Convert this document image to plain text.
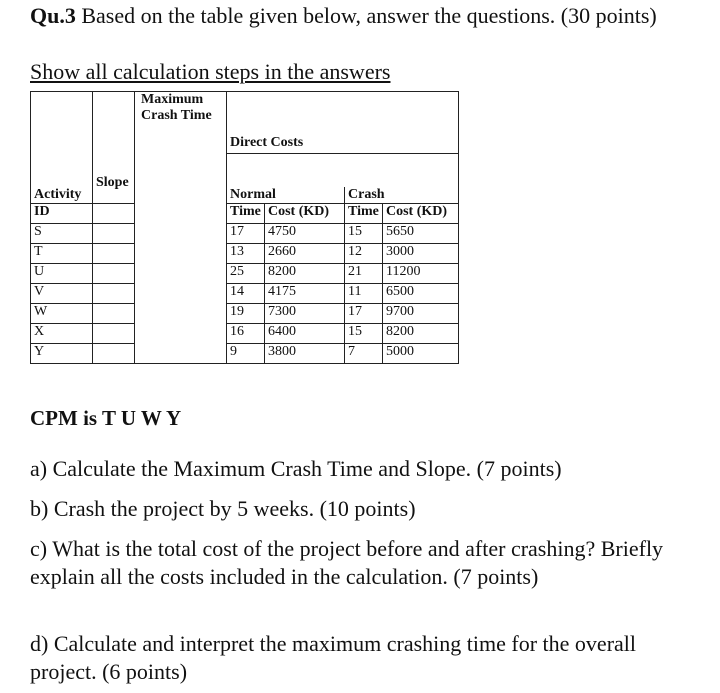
Qu.3 Based on the table given below, answer the questions. (30 points)
Show all calculation steps in the answers
Activity	Slope	Maximum Crash Time	Direct Costs			

			Normal		Crash	
ID			Time	Cost (KD)	Time	Cost (KD)
S			17	4750	15	5650
T			13	2660	12	3000
U			25	8200	21	11200
V			14	4175	11	6500
W			19	7300	17	9700
X			16	6400	15	8200
Y			9	3800	7	5000
CPM is T U W Y
a) Calculate the Maximum Crash Time and Slope. (7 points)
b) Crash the project by 5 weeks. (10 points)
c) What is the total cost of the project before and after crashing? Briefly explain all the costs included in the calculation. (7 points)
d) Calculate and interpret the maximum crashing time for the overall project. (6 points)
